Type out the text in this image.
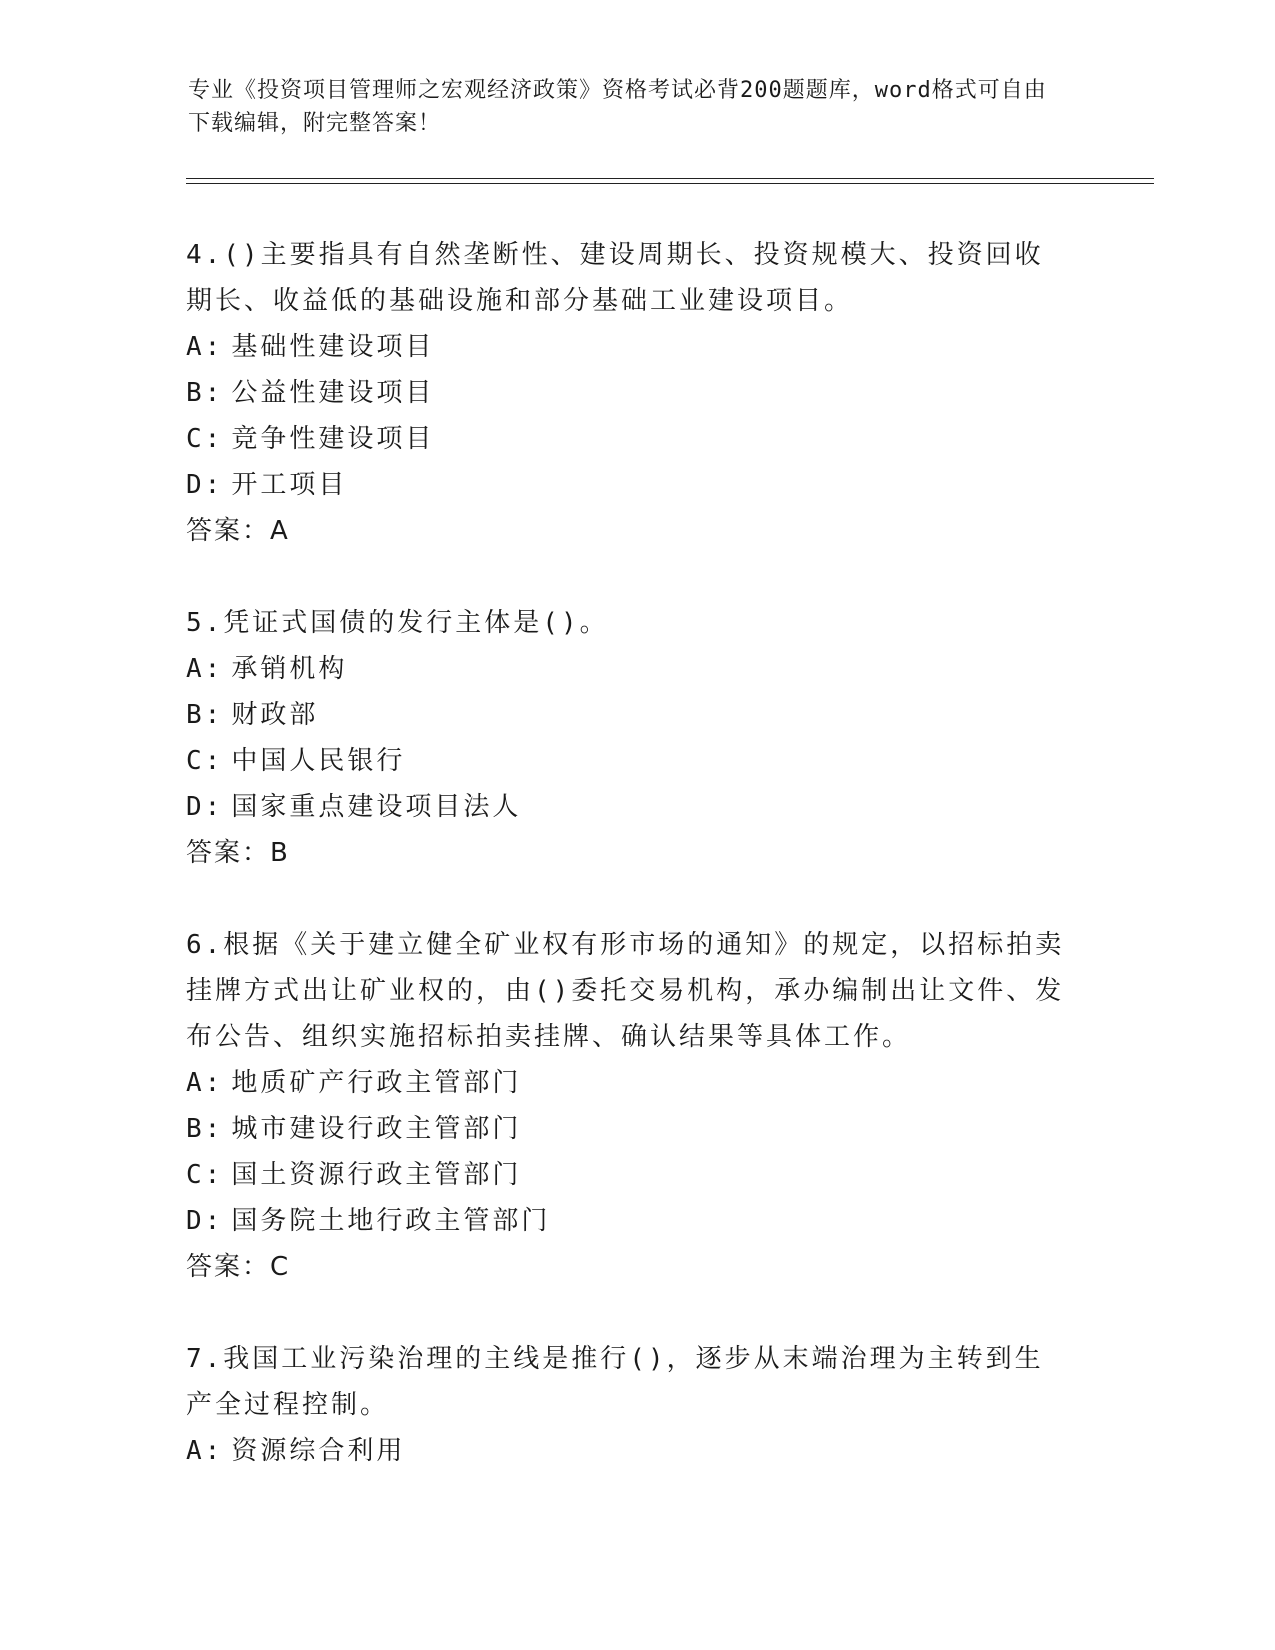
专业《投资项目管理师之宏观经济政策》资格考试必背200题题库，word格式可自由下载编辑，附完整答案！

4.()主要指具有自然垄断性、建设周期长、投资规模大、投资回收期长、收益低的基础设施和部分基础工业建设项目。

A: 基础性建设项目

B: 公益性建设项目

C: 竞争性建设项目

D: 开工项目

答案：A

5.凭证式国债的发行主体是()。

A: 承销机构

B: 财政部

C: 中国人民银行

D: 国家重点建设项目法人

答案：B

6.根据《关于建立健全矿业权有形市场的通知》的规定，以招标拍卖挂牌方式出让矿业权的，由()委托交易机构，承办编制出让文件、发布公告、组织实施招标拍卖挂牌、确认结果等具体工作。

A: 地质矿产行政主管部门

B: 城市建设行政主管部门

C: 国土资源行政主管部门

D: 国务院土地行政主管部门

答案：C

7.我国工业污染治理的主线是推行()，逐步从末端治理为主转到生产全过程控制。

A: 资源综合利用
